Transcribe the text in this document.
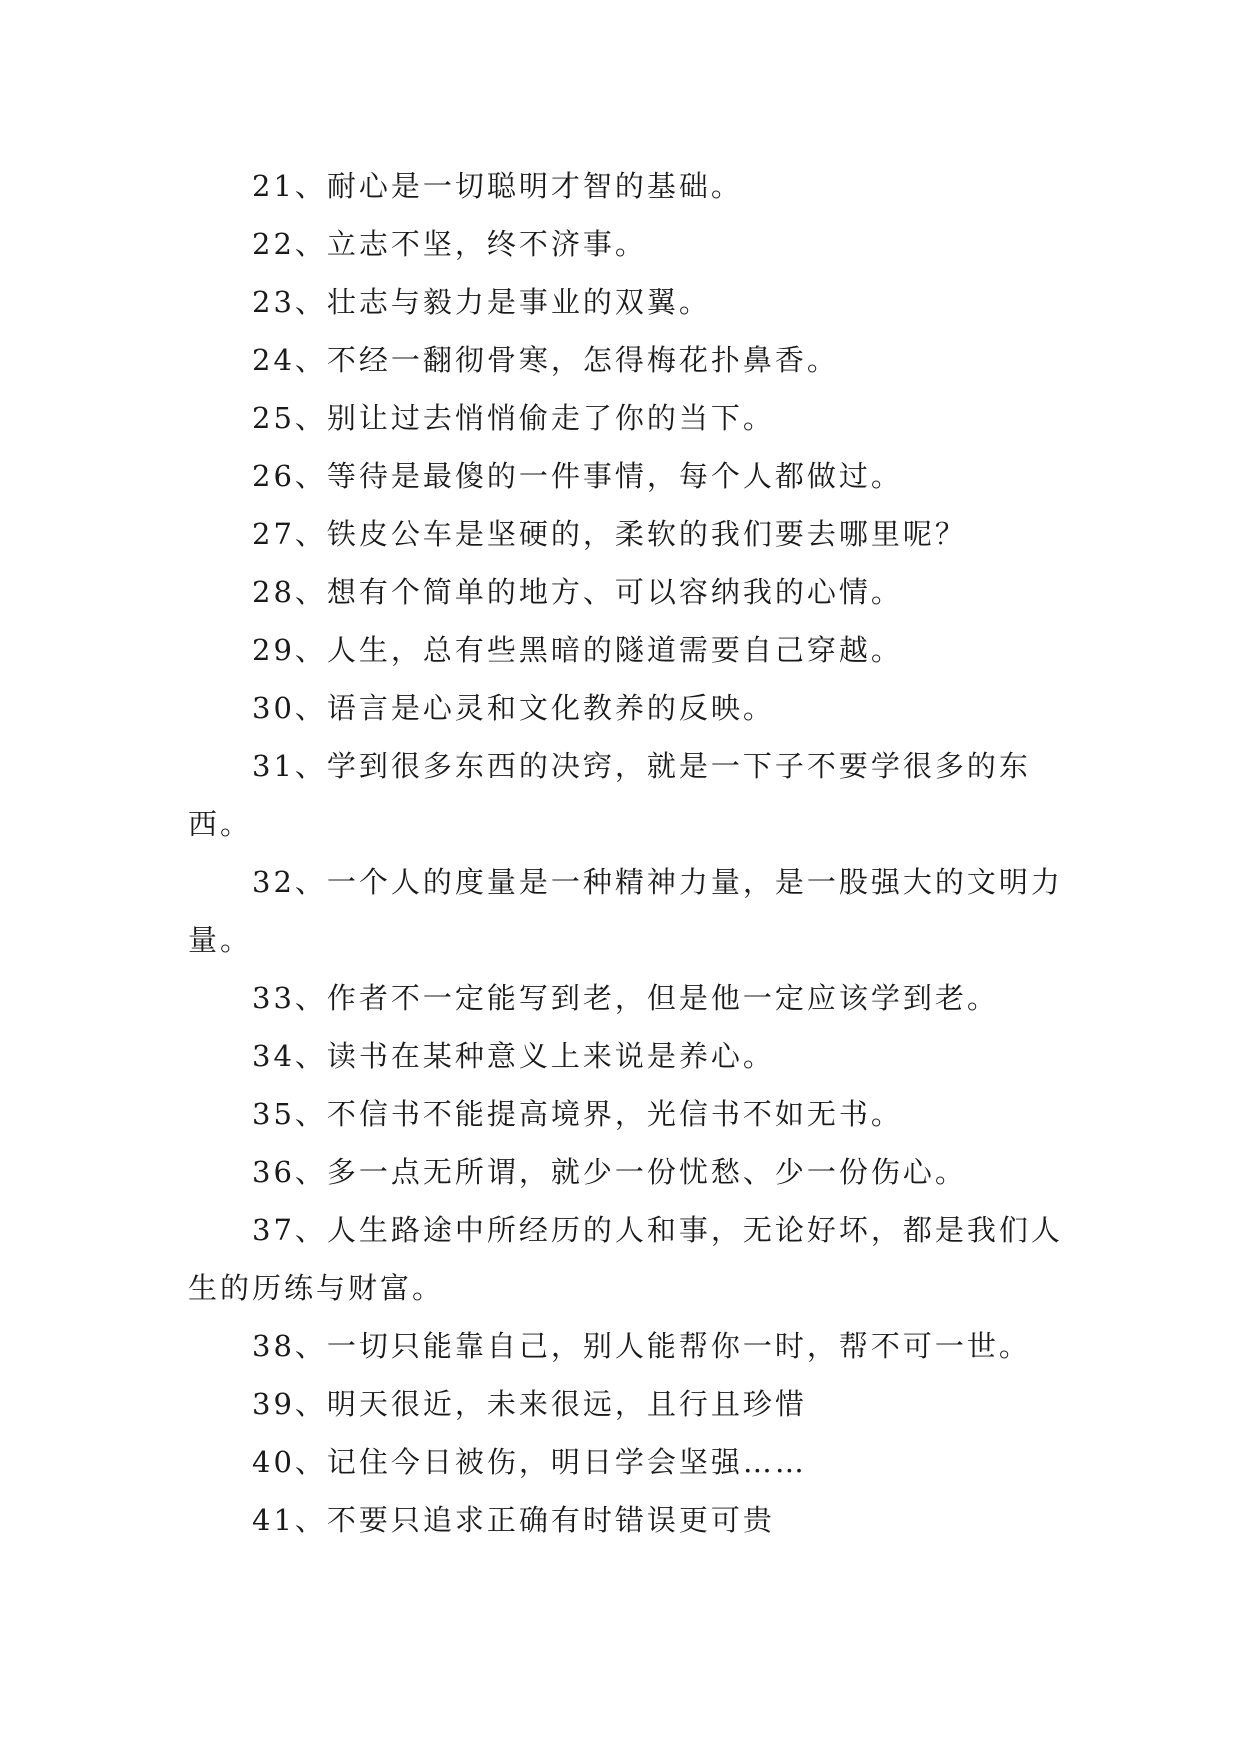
21、耐心是一切聪明才智的基础。

22、立志不坚，终不济事。

23、壮志与毅力是事业的双翼。

24、不经一翻彻骨寒，怎得梅花扑鼻香。

25、别让过去悄悄偷走了你的当下。

26、等待是最傻的一件事情，每个人都做过。

27、铁皮公车是坚硬的，柔软的我们要去哪里呢？

28、想有个简单的地方、可以容纳我的心情。

29、人生，总有些黑暗的隧道需要自己穿越。

30、语言是心灵和文化教养的反映。

31、学到很多东西的决窍，就是一下子不要学很多的东西。

32、一个人的度量是一种精神力量，是一股强大的文明力量。

33、作者不一定能写到老，但是他一定应该学到老。

34、读书在某种意义上来说是养心。

35、不信书不能提高境界，光信书不如无书。

36、多一点无所谓，就少一份忧愁、少一份伤心。

37、人生路途中所经历的人和事，无论好坏，都是我们人生的历练与财富。

38、一切只能靠自己，别人能帮你一时，帮不可一世。

39、明天很近，未来很远，且行且珍惜

40、记住今日被伤，明日学会坚强……

41、不要只追求正确有时错误更可贵
